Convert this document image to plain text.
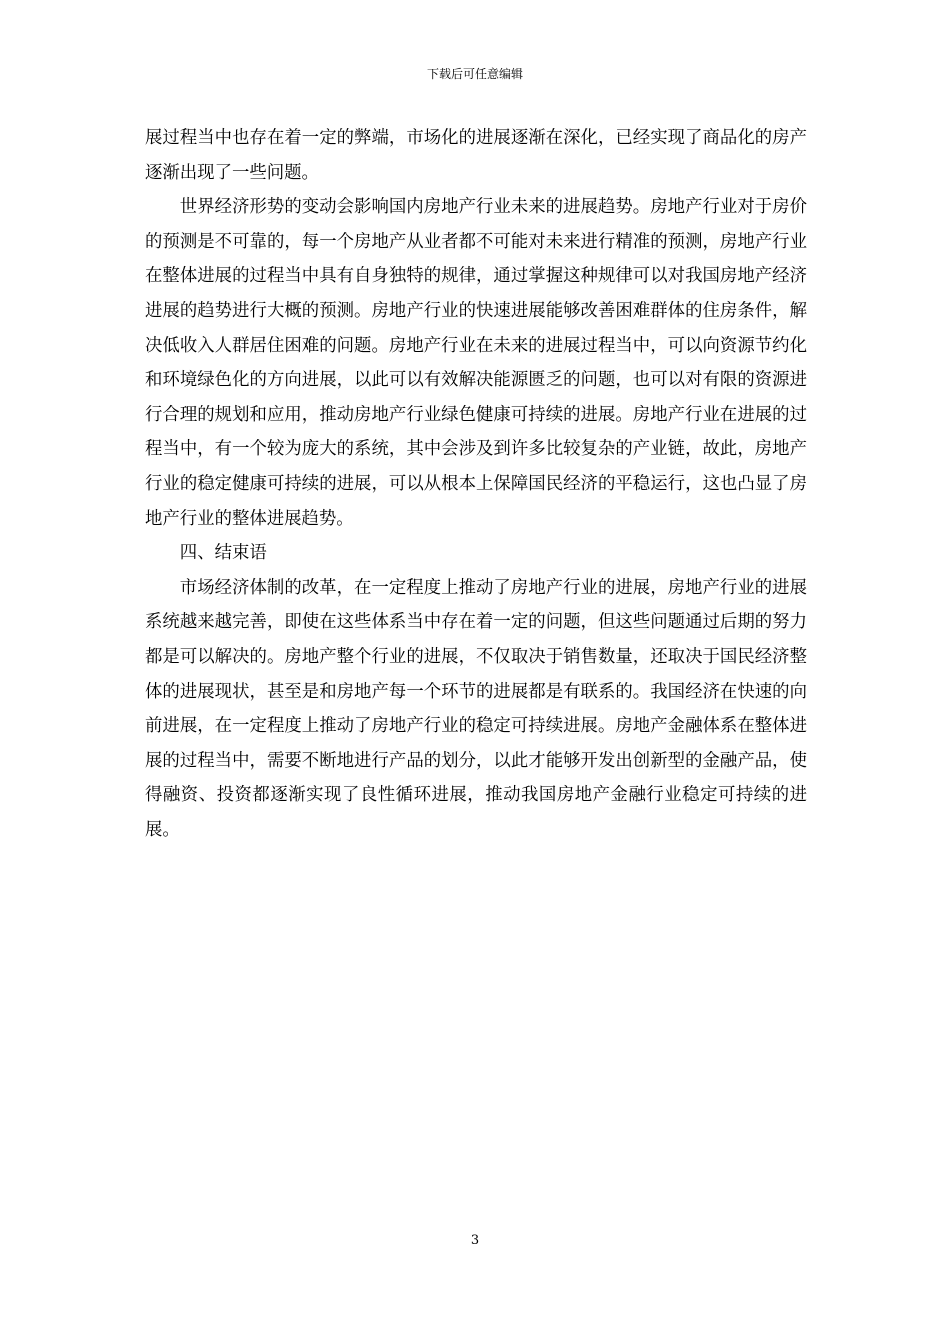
下载后可任意编辑

展过程当中也存在着一定的弊端，市场化的进展逐渐在深化，已经实现了商品化的房产逐渐出现了一些问题。

世界经济形势的变动会影响国内房地产行业未来的进展趋势。房地产行业对于房价的预测是不可靠的，每一个房地产从业者都不可能对未来进行精准的预测，房地产行业在整体进展的过程当中具有自身独特的规律，通过掌握这种规律可以对我国房地产经济进展的趋势进行大概的预测。房地产行业的快速进展能够改善困难群体的住房条件，解决低收入人群居住困难的问题。房地产行业在未来的进展过程当中，可以向资源节约化和环境绿色化的方向进展，以此可以有效解决能源匮乏的问题，也可以对有限的资源进行合理的规划和应用，推动房地产行业绿色健康可持续的进展。房地产行业在进展的过程当中，有一个较为庞大的系统，其中会涉及到许多比较复杂的产业链，故此，房地产行业的稳定健康可持续的进展，可以从根本上保障国民经济的平稳运行，这也凸显了房地产行业的整体进展趋势。

四、结束语

市场经济体制的改革，在一定程度上推动了房地产行业的进展，房地产行业的进展系统越来越完善，即使在这些体系当中存在着一定的问题，但这些问题通过后期的努力都是可以解决的。房地产整个行业的进展，不仅取决于销售数量，还取决于国民经济整体的进展现状，甚至是和房地产每一个环节的进展都是有联系的。我国经济在快速的向前进展，在一定程度上推动了房地产行业的稳定可持续进展。房地产金融体系在整体进展的过程当中，需要不断地进行产品的划分，以此才能够开发出创新型的金融产品，使得融资、投资都逐渐实现了良性循环进展，推动我国房地产金融行业稳定可持续的进展。

3
